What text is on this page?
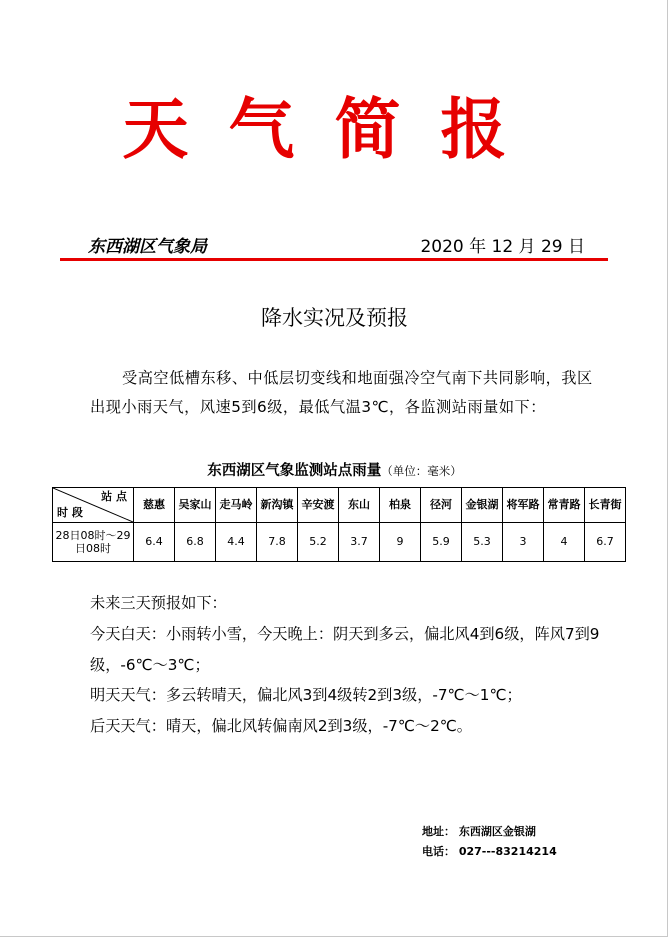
天气简报
东西湖区气象局	2020 年 12 月 29 日
降水实况及预报
受高空低槽东移、中低层切变线和地面强冷空气南下共同影响，我区出现小雨天气，风速5到6级，最低气温3℃，各监测站雨量如下：
东西湖区气象监测站点雨量（单位：毫米）
站 点
时 段	慈惠	吴家山	走马岭	新沟镇	辛安渡	东山	柏泉	径河	金银湖	将军路	常青路	长青街
28日08时～29日08时	6.4	6.8	4.4	7.8	5.2	3.7	9	5.9	5.3	3	4	6.7

未来三天预报如下：

今天白天：小雨转小雪，今天晚上：阴天到多云，偏北风4到6级，阵风7到9级，-6℃～3℃；

明天天气：多云转晴天，偏北风3到4级转2到3级，-7℃～1℃；

后天天气：晴天，偏北风转偏南风2到3级，-7℃～2℃。

地址： 东西湖区金银湖
电话： 027---83214214
